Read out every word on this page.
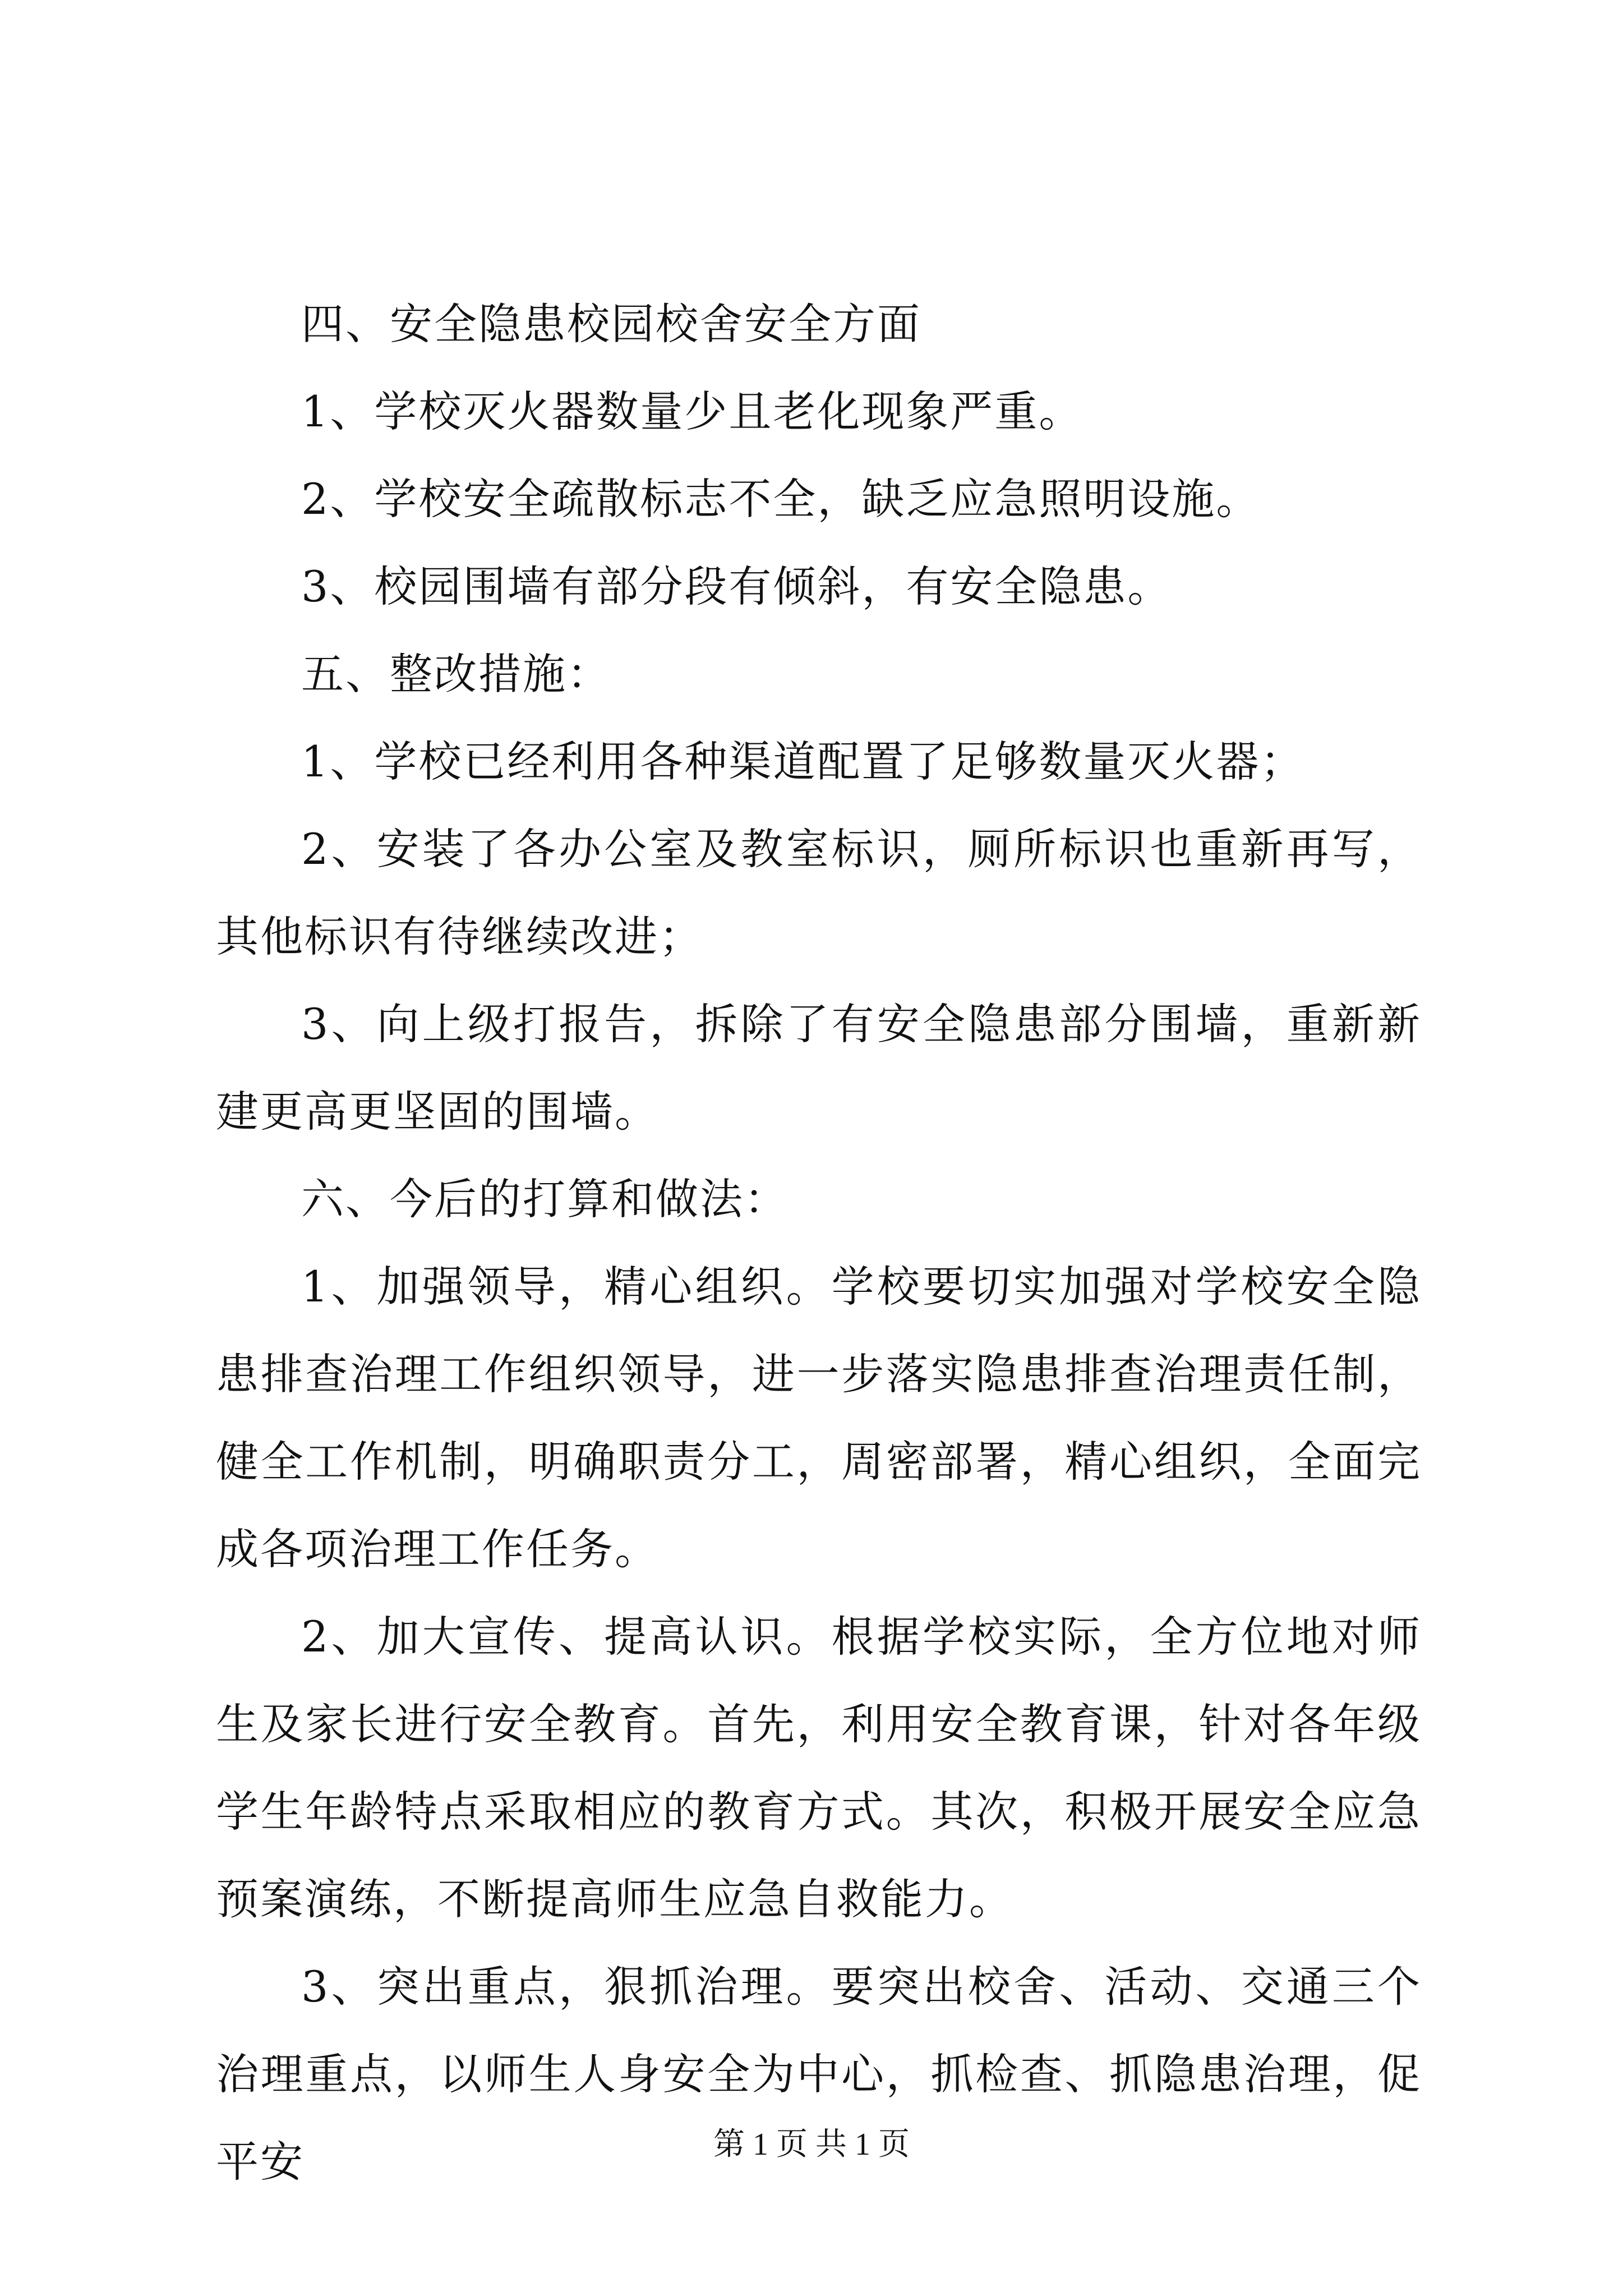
四、安全隐患校园校舍安全方面

1、学校灭火器数量少且老化现象严重。

2、学校安全疏散标志不全，缺乏应急照明设施。

3、校园围墙有部分段有倾斜，有安全隐患。

五、整改措施：

1、学校已经利用各种渠道配置了足够数量灭火器；

2、安装了各办公室及教室标识，厕所标识也重新再写，其他标识有待继续改进；

3、向上级打报告，拆除了有安全隐患部分围墙，重新新建更高更坚固的围墙。

六、今后的打算和做法：

1、加强领导，精心组织。学校要切实加强对学校安全隐患排查治理工作组织领导，进一步落实隐患排查治理责任制，健全工作机制，明确职责分工，周密部署，精心组织，全面完成各项治理工作任务。

2、加大宣传、提高认识。根据学校实际，全方位地对师生及家长进行安全教育。首先，利用安全教育课，针对各年级学生年龄特点采取相应的教育方式。其次，积极开展安全应急预案演练，不断提高师生应急自救能力。

3、突出重点，狠抓治理。要突出校舍、活动、交通三个治理重点，以师生人身安全为中心，抓检查、抓隐患治理，促平安	第 1 页 共 1 页
